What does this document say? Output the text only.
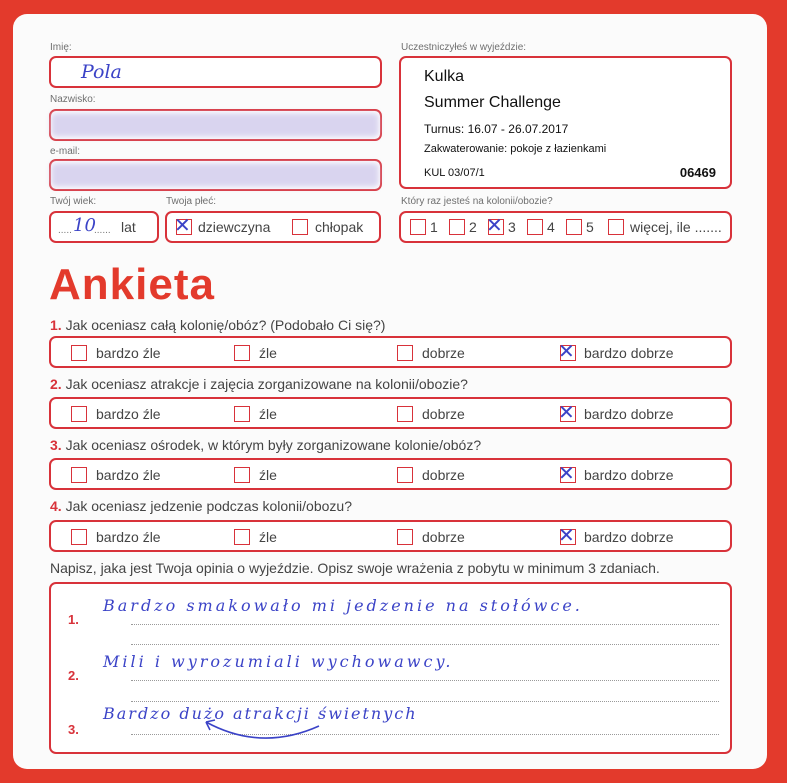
Imię:
Pola
Nazwisko:
e-mail:
Twój wiek:
..... 10
...... lat
Twoja płeć:
✕ dziewczyna	chłopak
Uczestniczyłeś w wyjeździe:
Kulka
Summer Challenge
Turnus: 16.07 - 26.07.2017
Zakwaterowanie: pokoje z łazienkami
KUL 03/07/1	06469
Który raz jesteś na kolonii/obozie?
1 2 ✕ 3 4 5	więcej, ile .......
Ankieta
1. Jak oceniasz całą kolonię/obóz? (Podobało Ci się?)
bardzo źle	źle	dobrze	✕ bardzo dobrze
2. Jak oceniasz atrakcje i zajęcia zorganizowane na kolonii/obozie?
bardzo źle	źle	dobrze	✕ bardzo dobrze
3. Jak oceniasz ośrodek, w którym były zorganizowane kolonie/obóz?
bardzo źle	źle	dobrze	✕ bardzo dobrze
4. Jak oceniasz jedzenie podczas kolonii/obozu?
bardzo źle	źle	dobrze	✕ bardzo dobrze
Napisz, jaka jest Twoja opinia o wyjeździe. Opisz swoje wrażenia z pobytu w minimum 3 zdaniach.
1.
Bardzo smakowało mi jedzenie na stołówce.
2.
Mili i wyrozumiali wychowawcy.
3.
Bardzo dużo atrakcji świetnych
